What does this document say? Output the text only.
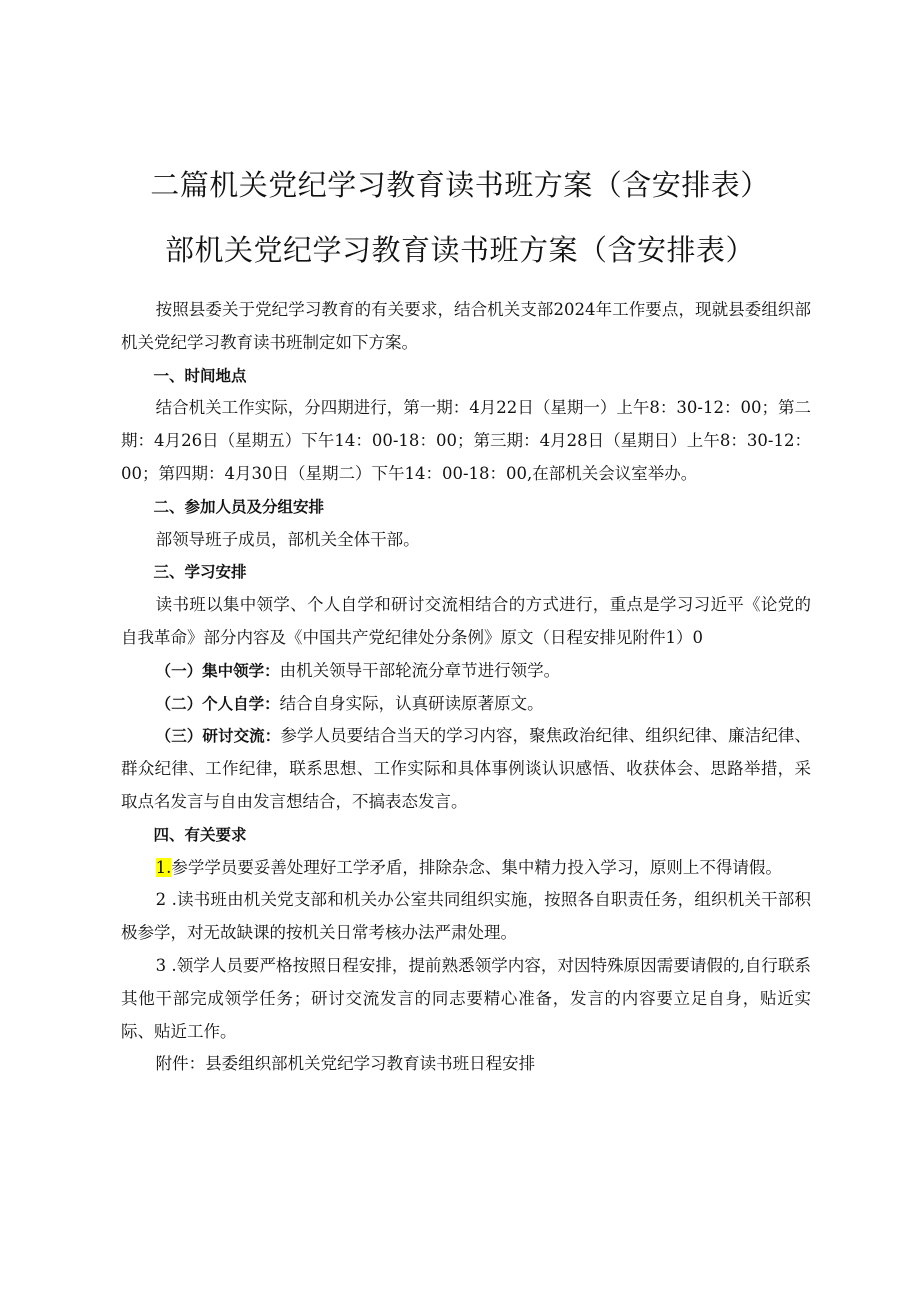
二篇机关党纪学习教育读书班方案（含安排表）
部机关党纪学习教育读书班方案（含安排表）

按照县委关于党纪学习教育的有关要求，结合机关支部2024年工作要点，现就县委组织部机关党纪学习教育读书班制定如下方案。

一、时间地点

结合机关工作实际，分四期进行，第一期：4月22日（星期一）上午8：30-12：00；第二期：4月26日（星期五）下午14：00-18：00；第三期：4月28日（星期日）上午8：30-12：00；第四期：4月30日（星期二）下午14：00-18：00,在部机关会议室举办。

二、参加人员及分组安排

部领导班子成员，部机关全体干部。

三、学习安排

读书班以集中领学、个人自学和研讨交流相结合的方式进行，重点是学习习近平《论党的自我革命》部分内容及《中国共产党纪律处分条例》原文（日程安排见附件1）0

（一）集中领学：由机关领导干部轮流分章节进行领学。

（二）个人自学：结合自身实际，认真研读原著原文。

（三）研讨交流：参学人员要结合当天的学习内容，聚焦政治纪律、组织纪律、廉洁纪律、群众纪律、工作纪律，联系思想、工作实际和具体事例谈认识感悟、收获体会、思路举措，采取点名发言与自由发言想结合，不搞表态发言。

四、有关要求

1.参学学员要妥善处理好工学矛盾，排除杂念、集中精力投入学习，原则上不得请假。

2 .读书班由机关党支部和机关办公室共同组织实施，按照各自职责任务，组织机关干部积极参学，对无故缺课的按机关日常考核办法严肃处理。

3 .领学人员要严格按照日程安排，提前熟悉领学内容，对因特殊原因需要请假的,自行联系其他干部完成领学任务；研讨交流发言的同志要精心准备，发言的内容要立足自身，贴近实际、贴近工作。

附件：县委组织部机关党纪学习教育读书班日程安排
